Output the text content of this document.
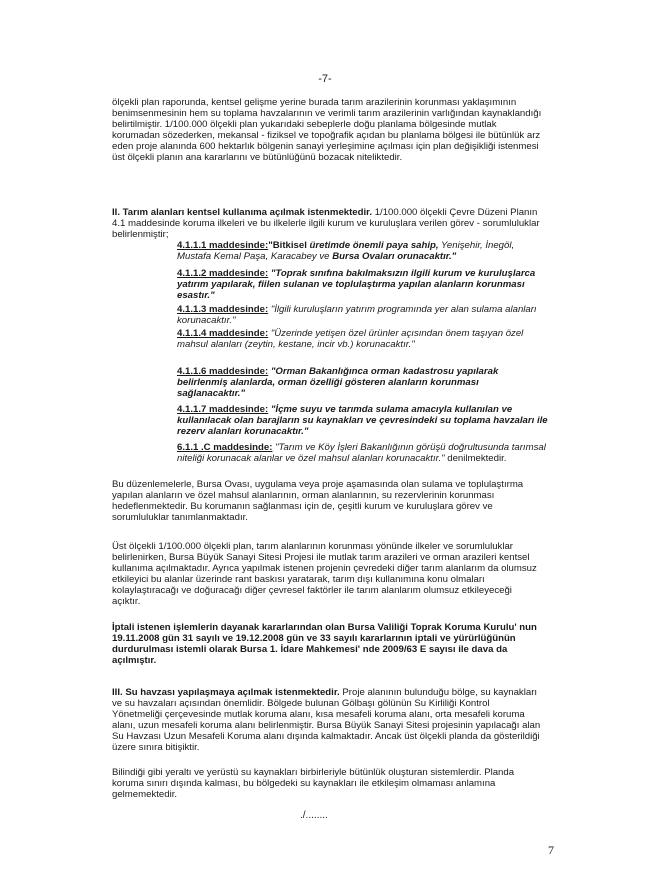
-7-

ölçekli plan raporunda, kentsel gelişme yerine burada tarım arazilerinin korunması yaklaşımının benimsenmesinin hem su toplama havzalarının ve verimli tarım arazilerinin varlığından kaynaklandığı belirtilmiştir. 1/100.000 ölçekli plan yukarıdaki sebeplerle doğu planlama bölgesinde mutlak korumadan sözederken, mekansal - fiziksel ve topoğrafik açıdan bu planlama bölgesi ile bütünlük arz eden proje alanında 600 hektarlık bölgenin sanayi yerleşimine açılması için plan değişikliği istenmesi üst ölçekli planın ana kararlarını ve bütünlüğünü bozacak niteliktedir.

II. Tarım alanları kentsel kullanıma açılmak istenmektedir. 1/100.000 ölçekli Çevre Düzeni Planın 4.1 maddesinde koruma ilkeleri ve bu ilkelerle ilgili kurum ve kuruluşlara verilen görev - sorumluluklar belirlenmiştir;

4.1.1.1 maddesinde:"Bitkisel üretimde önemli paya sahip, Yenişehir, İnegöl, Mustafa Kemal Paşa, Karacabey ve Bursa Ovaları orunacaktır."

4.1.1.2 maddesinde: "Toprak sınıfına bakılmaksızın ilgili kurum ve kuruluşlarca yatırım yapılarak, fiilen sulanan ve toplulaştırma yapılan alanların korunması esastır."

4.1.1.3 maddesinde: "İlgili kuruluşların yatırım programında yer alan sulama alanları korunacaktır."

4.1.1.4 maddesinde: "Üzerinde yetişen özel ürünler açısından önem taşıyan özel mahsul alanları (zeytin, kestane, incir vb.) korunacaktır."

4.1.1.6 maddesinde: "Orman Bakanlığınca orman kadastrosu yapılarak belirlenmiş alanlarda, orman özelliği gösteren alanların korunması sağlanacaktır."

4.1.1.7 maddesinde: "İçme suyu ve tarımda sulama amacıyla kullanılan ve kullanılacak olan barajların su kaynakları ve çevresindeki su toplama havzaları ile rezerv alanları korunacaktır."

6.1.1 .C maddesinde: "Tarım ve Köy İşleri Bakanlığının görüşü doğrultusunda tarımsal niteliği korunacak alanlar ve özel mahsul alanları korunacaktır." denilmektedir.

Bu düzenlemelerle, Bursa Ovası, uygulama veya proje aşamasında olan sulama ve toplulaştırma yapılan alanların ve özel mahsul alanlarının, orman alanlarının, su rezervlerinin korunması hedeflenmektedir. Bu korumanın sağlanması için de, çeşitli kurum ve kuruluşlara görev ve sorumluluklar tanımlanmaktadır.

Üst ölçekli 1/100.000 ölçekli plan, tarım alanlarının korunması yönünde ilkeler ve sorumluluklar belirlenirken, Bursa Büyük Sanayi Sitesi Projesi ile mutlak tarım arazileri ve orman arazileri kentsel kullanıma açılmaktadır. Ayrıca yapılmak istenen projenin çevredeki diğer tarım alanlarım da olumsuz etkileyici bu alanlar üzerinde rant baskısı yaratarak, tarım dışı kullanımına konu olmaları kolaylaştıracağı ve doğuracağı diğer çevresel faktörler ile tarım alanlarım olumsuz etkileyeceği açıktır.

İptali istenen işlemlerin dayanak kararlarından olan Bursa Valiliği Toprak Koruma Kurulu' nun 19.11.2008 gün 31 sayılı ve 19.12.2008 gün ve 33 sayılı kararlarının iptali ve yürürlüğünün durdurulması istemli olarak Bursa 1. İdare Mahkemesi' nde 2009/63 E sayısı ile dava da açılmıştır.

III. Su havzası yapılaşmaya açılmak istenmektedir. Proje alanının bulunduğu bölge, su kaynakları ve su havzaları açısından önemlidir. Bölgede bulunan Gölbaşı gölünün Su Kirliliği Kontrol Yönetmeliği çerçevesinde mutlak koruma alanı, kısa mesafeli koruma alanı, orta mesafeli koruma alanı, uzun mesafeli koruma alanı belirlenmiştir. Bursa Büyük Sanayi Sitesi projesinin yapılacağı alan Su Havzası Uzun Mesafeli Koruma alanı dışında kalmaktadır. Ancak üst ölçekli planda da gösterildiği üzere sınıra bitişiktir.

Bilindiği gibi yeraltı ve yerüstü su kaynakları birbirleriyle bütünlük oluşturan sistemlerdir. Planda koruma sınırı dışında kalması, bu bölgedeki su kaynakları ile etkileşim olmaması anlamına gelmemektedir.

./........
7
